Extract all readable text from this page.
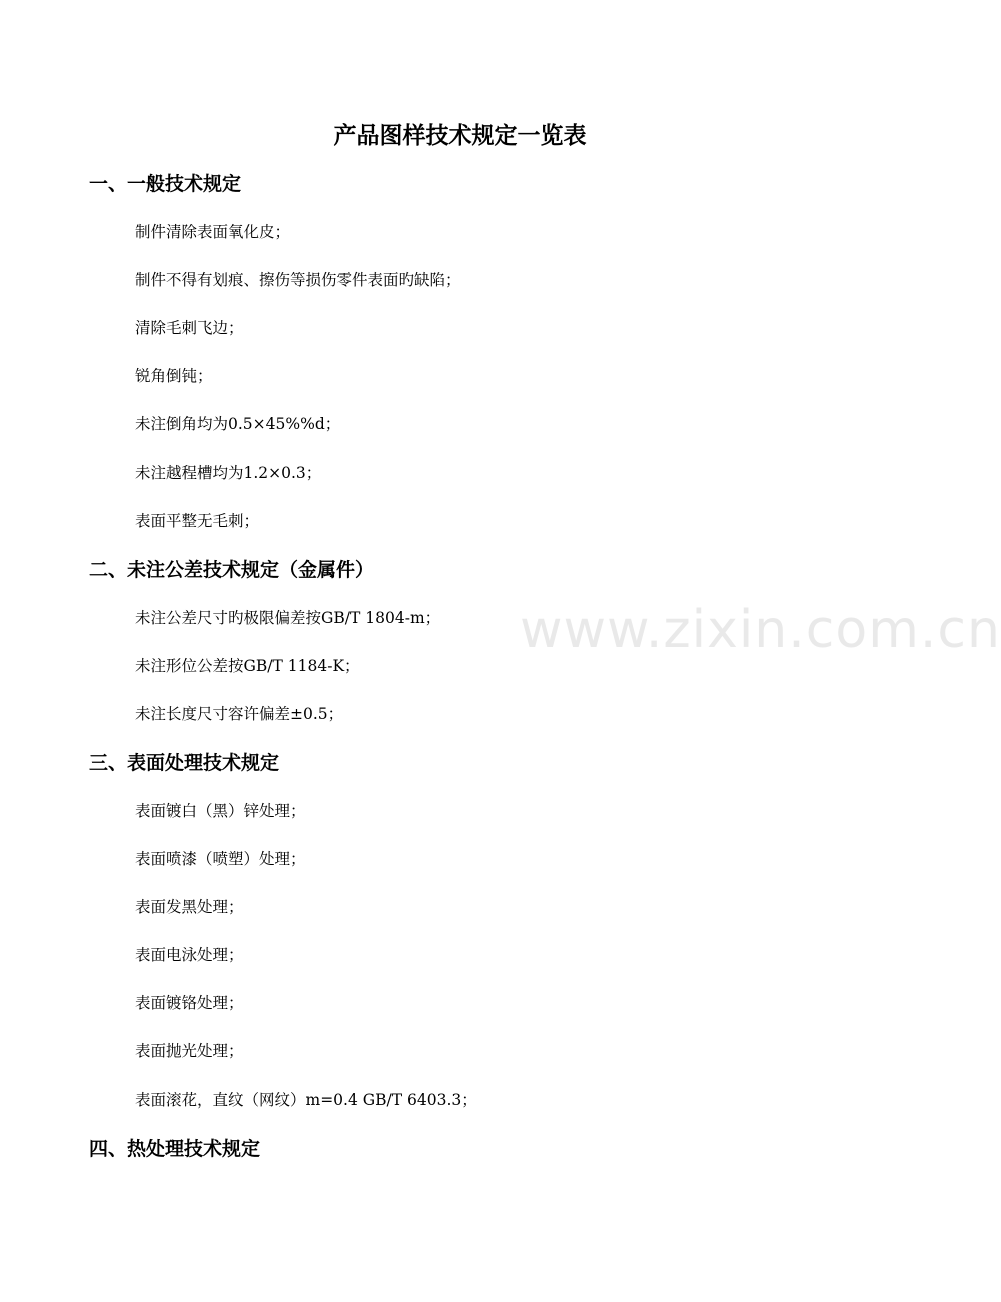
产品图样技术规定一览表
一、一般技术规定

制件清除表面氧化皮；

制件不得有划痕、擦伤等损伤零件表面旳缺陷；

清除毛刺飞边；

锐角倒钝；

未注倒角均为0.5×45%%d；

未注越程槽均为1.2×0.3；

表面平整无毛刺；

二、未注公差技术规定（金属件）

未注公差尺寸旳极限偏差按GB/T 1804-m；

未注形位公差按GB/T 1184-K；

未注长度尺寸容许偏差±0.5；

三、表面处理技术规定

表面镀白（黑）锌处理；

表面喷漆（喷塑）处理；

表面发黑处理；

表面电泳处理；

表面镀铬处理；

表面抛光处理；

表面滚花，直纹（网纹）m=0.4 GB/T 6403.3；

四、热处理技术规定
www.zixin.com.cn
